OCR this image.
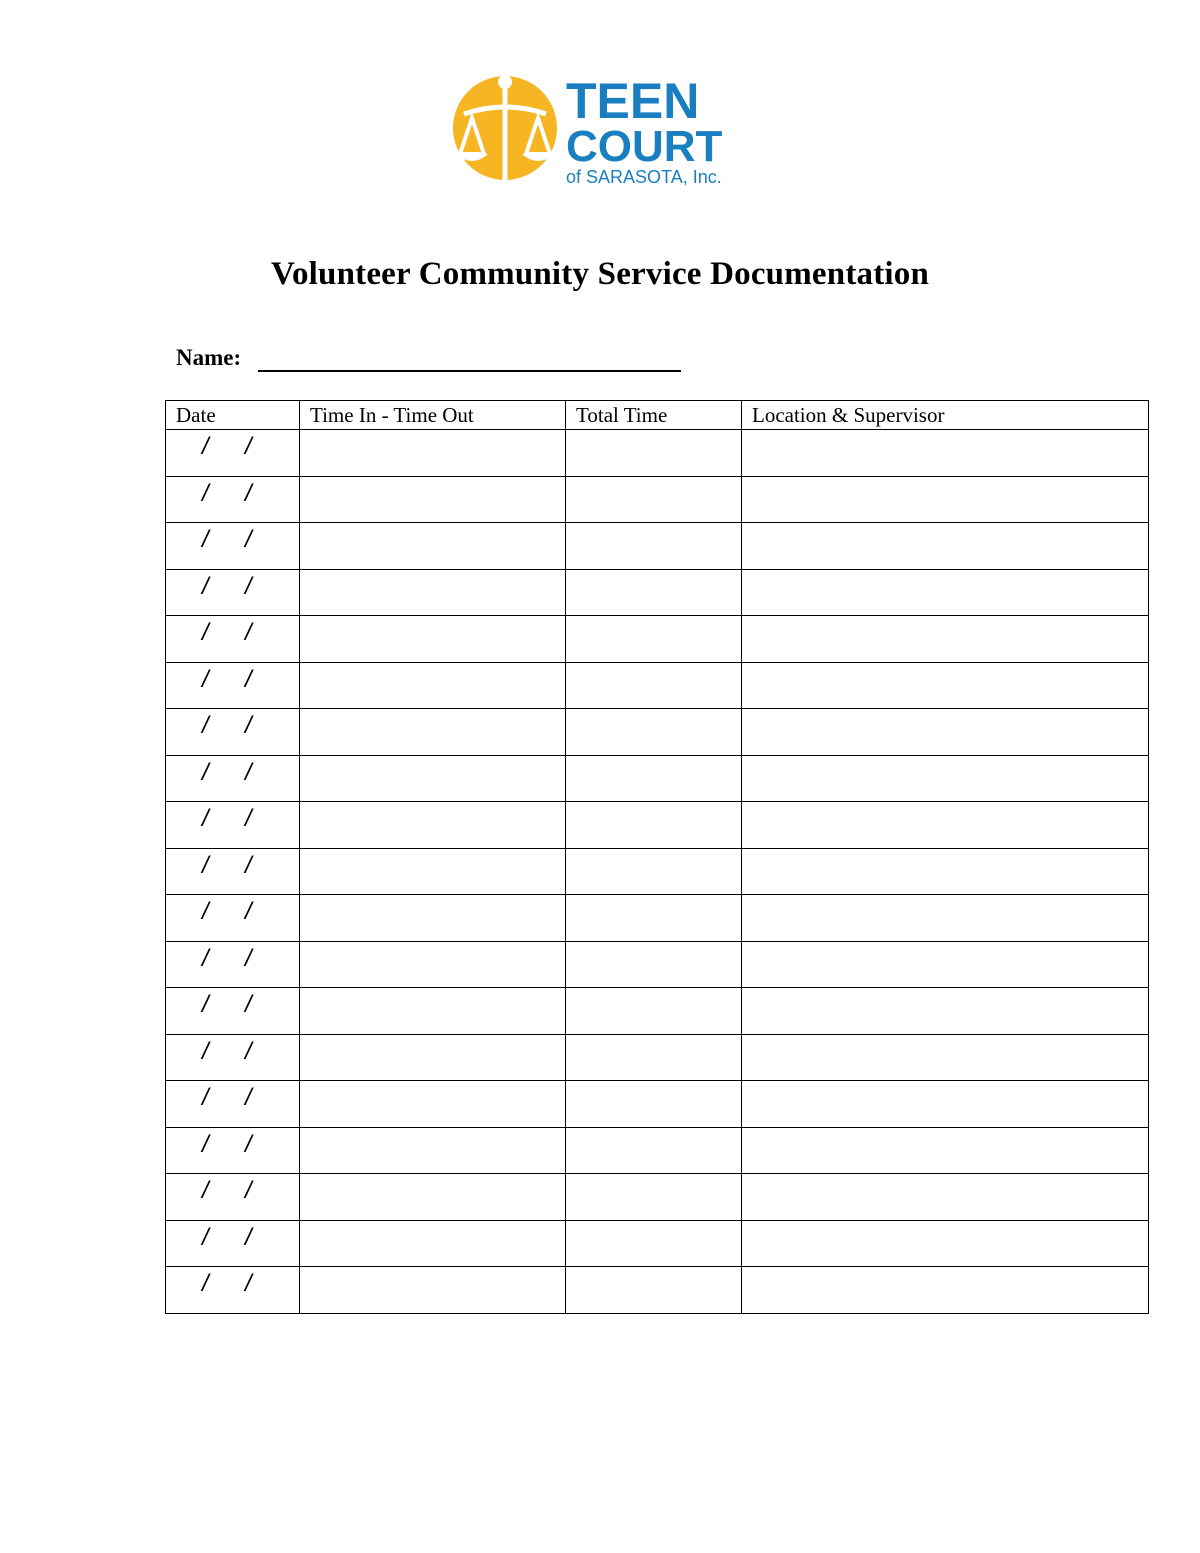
TEEN
COURT
of SARASOTA, Inc.
Volunteer Community Service Documentation
Name:
Date	Time In - Time Out	Total Time	Location & Supervisor

/ /			

/ /			

/ /			

/ /			

/ /			

/ /			

/ /			

/ /			

/ /			

/ /			

/ /			

/ /			

/ /			

/ /			

/ /			

/ /			

/ /			

/ /			

/ /			
